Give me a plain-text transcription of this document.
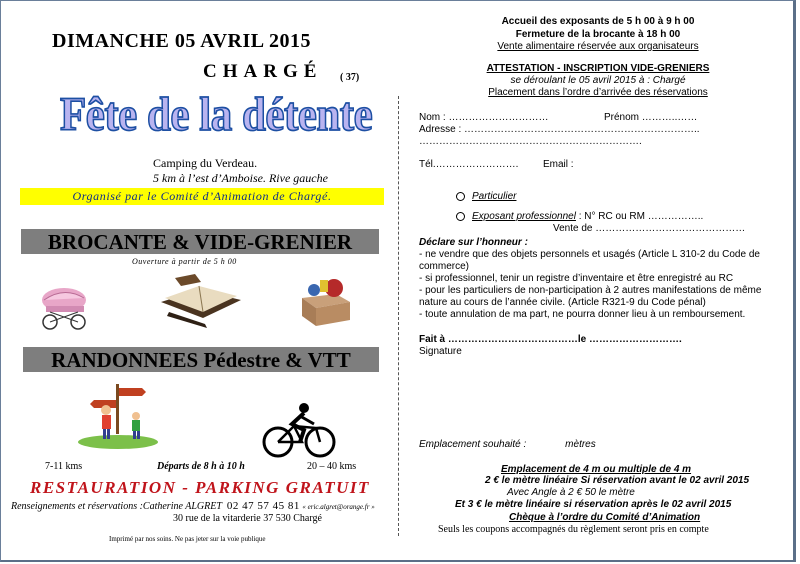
DIMANCHE 05 AVRIL 2015
CHARGÉ ( 37)
Fête de la détente
Camping du Verdeau.
5 km à l’est d’Amboise. Rive gauche
Organisé par le Comité d’Animation de Chargé.
BROCANTE & VIDE-GRENIER
Ouverture à partir de 5 h 00
RANDONNEES Pédestre & VTT
7-11 kms	Départs de 8 h à 10 h	20 – 40 kms
RESTAURATION - PARKING GRATUIT
Renseignements et réservations :Catherine ALGRET 02 47 57 45 81 « eric.algret@orange.fr »
30 rue de la vitarderie 37 530 Chargé
Imprimé par nos soins. Ne pas jeter sur la voie publique
Accueil des exposants de 5 h 00 à 9 h 00
Fermeture de la brocante à 18 h 00
Vente alimentaire réservée aux organisateurs
ATTESTATION - INSCRIPTION VIDE-GRENIERS
se déroulant le 05 avril 2015 à : Chargé
Placement dans l’ordre d’arrivée des réservations
Nom : …………………………	Prénom ………..……
Adresse : ……………………………………………………………..
………………………………………………………….
Tél.……………………. Email :
Particulier
Exposant professionnel : N° RC ou RM ……………..
Vente de ………………………………………
Déclare sur l’honneur :
- ne vendre que des objets personnels et usagés (Article L 310-2 du Code de commerce)
- si professionnel, tenir un registre d’inventaire et être enregistré au RC
- pour les particuliers de non-participation à 2 autres manifestations de même nature au cours de l’année civile. (Article R321-9 du Code pénal)
- toute annulation de ma part, ne pourra donner lieu à un remboursement.
Fait à …………………………………le ……………………….
Signature
Emplacement souhaité :              mètres
Emplacement de 4 m ou multiple de 4 m
2 € le mètre linéaire Si réservation avant le 02 avril 2015
Avec Angle à 2 € 50 le mètre
Et 3 € le mètre linéaire si réservation après le 02 avril 2015
Chèque à l’ordre du Comité d’Animation
Seuls les coupons accompagnés du règlement seront pris en compte
